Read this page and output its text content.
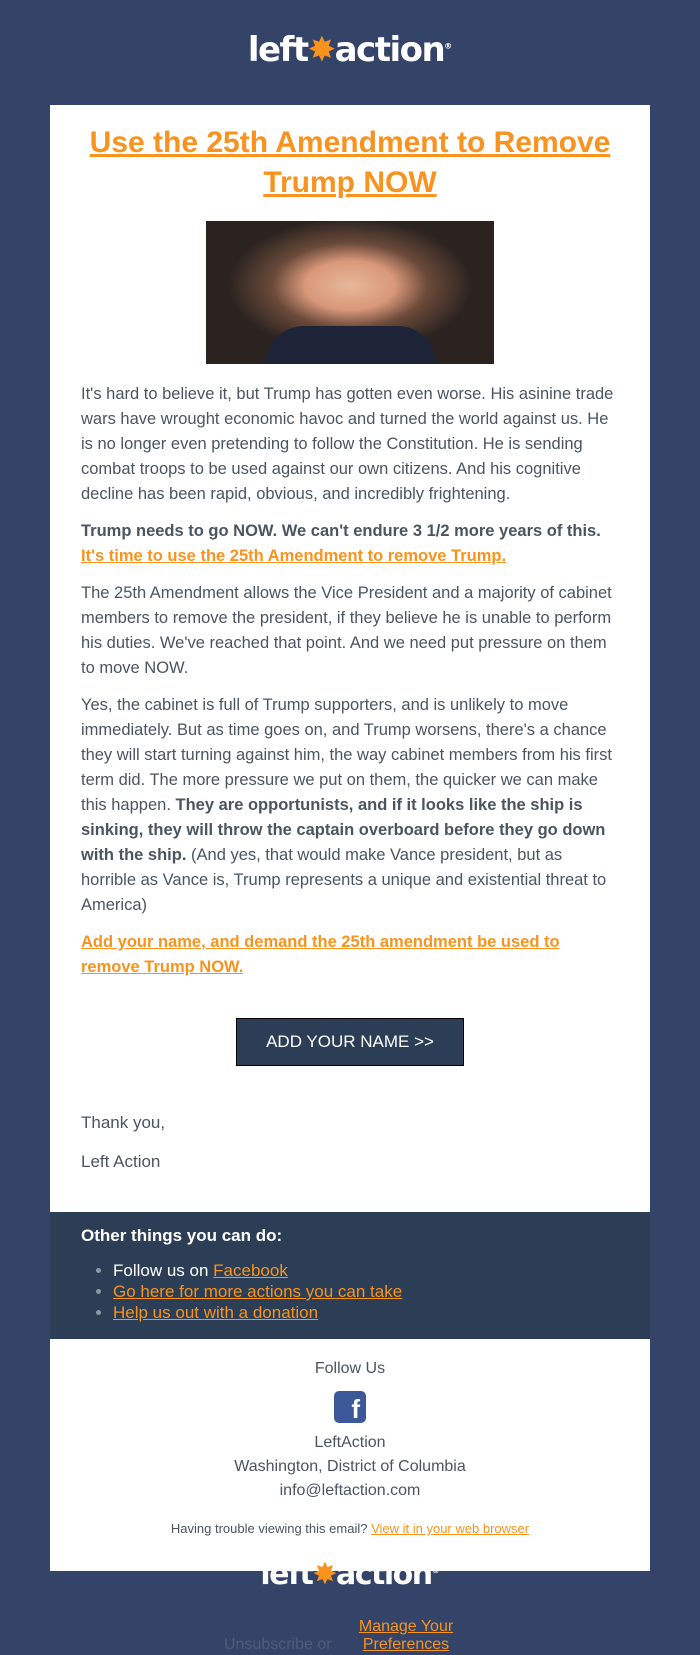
left✸action®
Use the 25th Amendment to Remove Trump NOW

It's hard to believe it, but Trump has gotten even worse. His asinine trade wars have wrought economic havoc and turned the world against us. He is no longer even pretending to follow the Constitution. He is sending combat troops to be used against our own citizens. And his cognitive decline has been rapid, obvious, and incredibly frightening.

Trump needs to go NOW. We can't endure 3 1/2 more years of this. It's time to use the 25th Amendment to remove Trump.

The 25th Amendment allows the Vice President and a majority of cabinet members to remove the president, if they believe he is unable to perform his duties. We've reached that point. And we need put pressure on them to move NOW.

Yes, the cabinet is full of Trump supporters, and is unlikely to move immediately. But as time goes on, and Trump worsens, there's a chance they will start turning against him, the way cabinet members from his first term did. The more pressure we put on them, the quicker we can make this happen. They are opportunists, and if it looks like the ship is sinking, they will throw the captain overboard before they go down with the ship. (And yes, that would make Vance president, but as horrible as Vance is, Trump represents a unique and existential threat to America)

Add your name, and demand the 25th amendment be used to remove Trump NOW.

ADD YOUR NAME >>

Thank you,

Left Action

Other things you can do:
• Follow us on Facebook
• Go here for more actions you can take
• Help us out with a donation
Follow Us
f
LeftAction
Washington, District of Columbia
info@leftaction.com
Having trouble viewing this email? View it in your web browser
left✸action®
Unsubscribe or Manage Your Preferences
